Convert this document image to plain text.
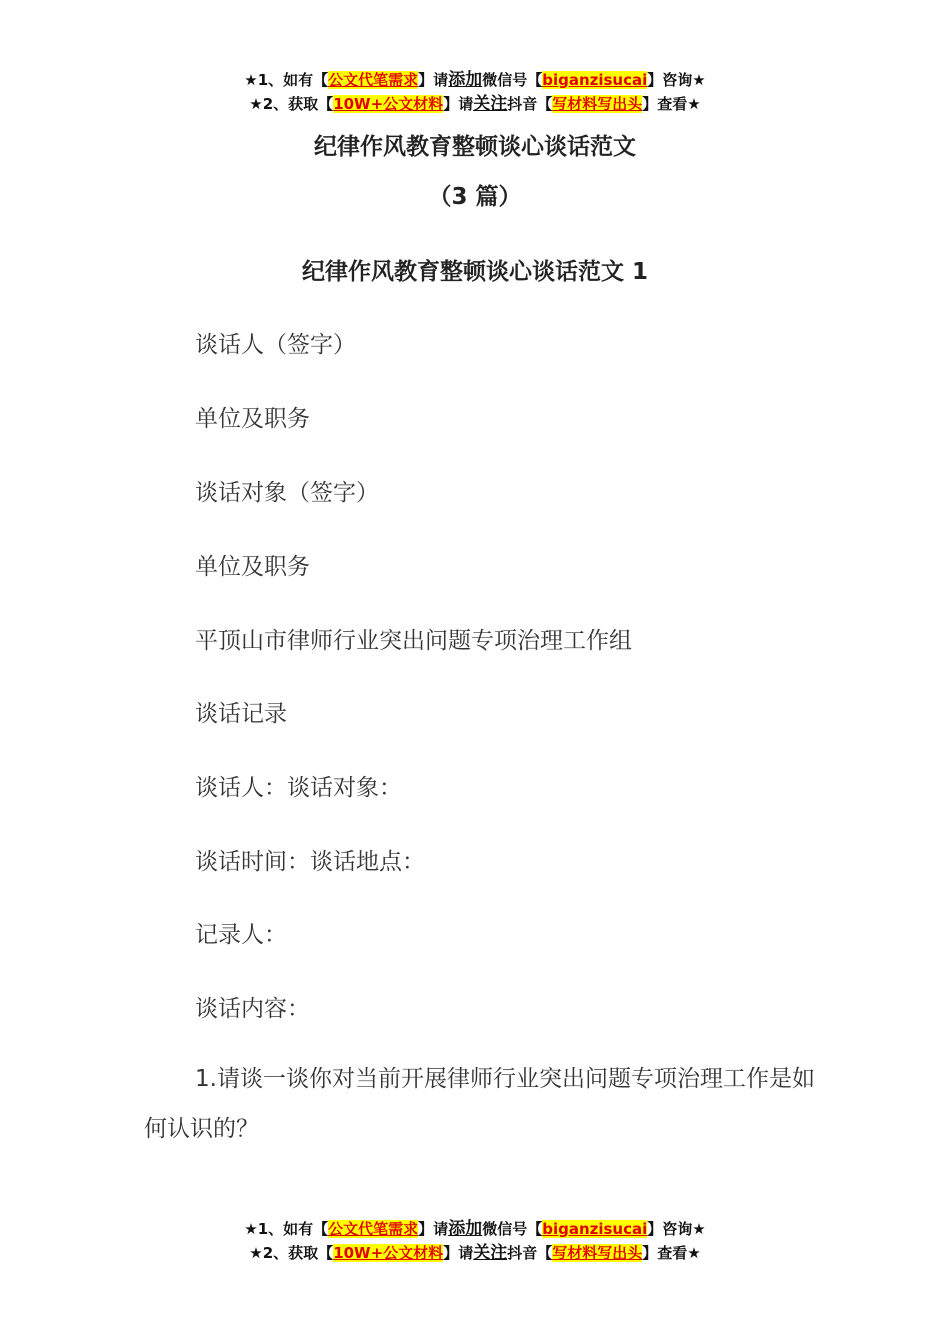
★1、如有【公文代笔需求】请添加微信号【biganzisucai】咨询★
★2、获取【10W+公文材料】请关注抖音【写材料写出头】查看★
纪律作风教育整顿谈心谈话范文
（3 篇）
纪律作风教育整顿谈心谈话范文 1
谈话人（签字）
单位及职务
谈话对象（签字）
单位及职务
平顶山市律师行业突出问题专项治理工作组
谈话记录
谈话人：谈话对象：
谈话时间：谈话地点：
记录人：
谈话内容：
1.请谈一谈你对当前开展律师行业突出问题专项治理工作是如何认识的？
★1、如有【公文代笔需求】请添加微信号【biganzisucai】咨询★
★2、获取【10W+公文材料】请关注抖音【写材料写出头】查看★
